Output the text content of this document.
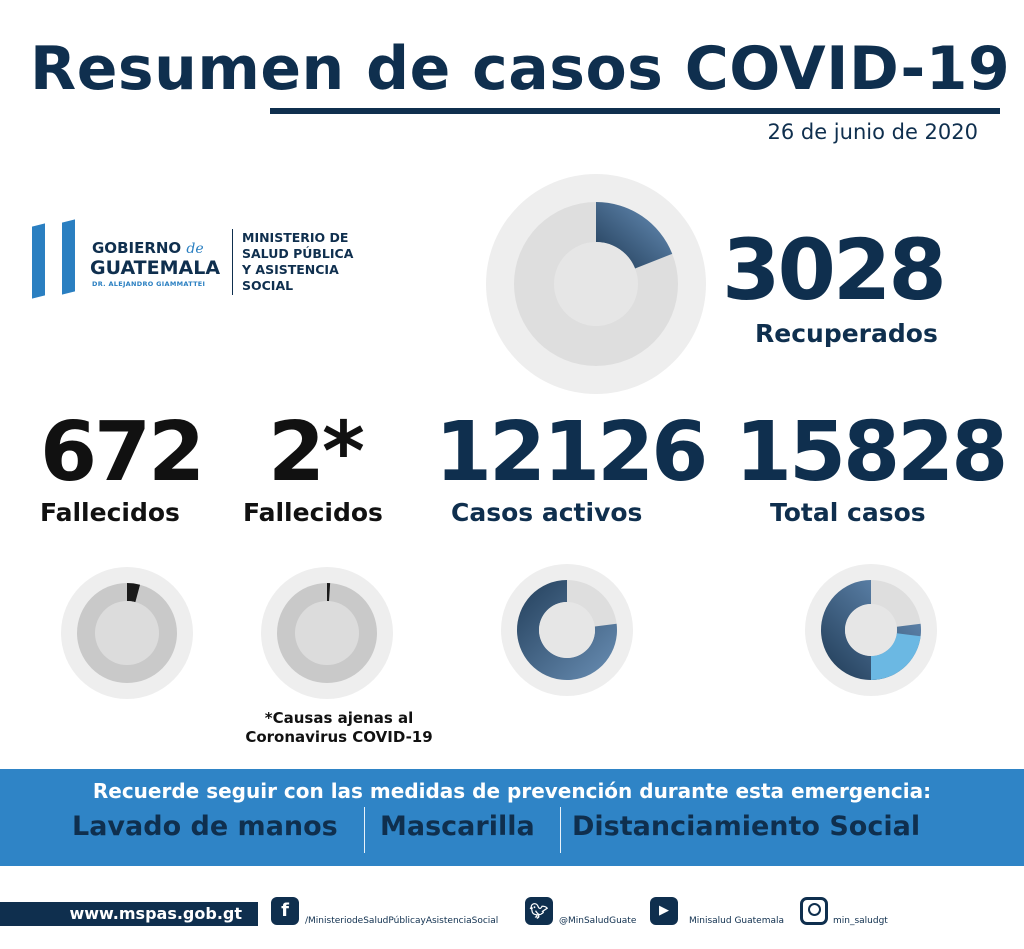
Resumen de casos COVID-19
26 de junio de 2020
GOBIERNO de
GUATEMALA
DR. ALEJANDRO GIAMMATTEI
MINISTERIO DE
SALUD PÚBLICA
Y ASISTENCIA
SOCIAL	3028
Recuperados
672
Fallecidos
2*
Fallecidos
12126
Casos activos
15828
Total casos
*Causas ajenas al
Coronavirus COVID-19
Recuerde seguir con las medidas de prevención durante esta emergencia:
Lavado de manos Mascarilla Distanciamiento Social
www.mspas.gob.gt	f	/MinisteriodeSaludPúblicayAsistenciaSocial
🐦︎
@MinSaludGuate
▶
Minisalud Guatemala	min_saludgt
